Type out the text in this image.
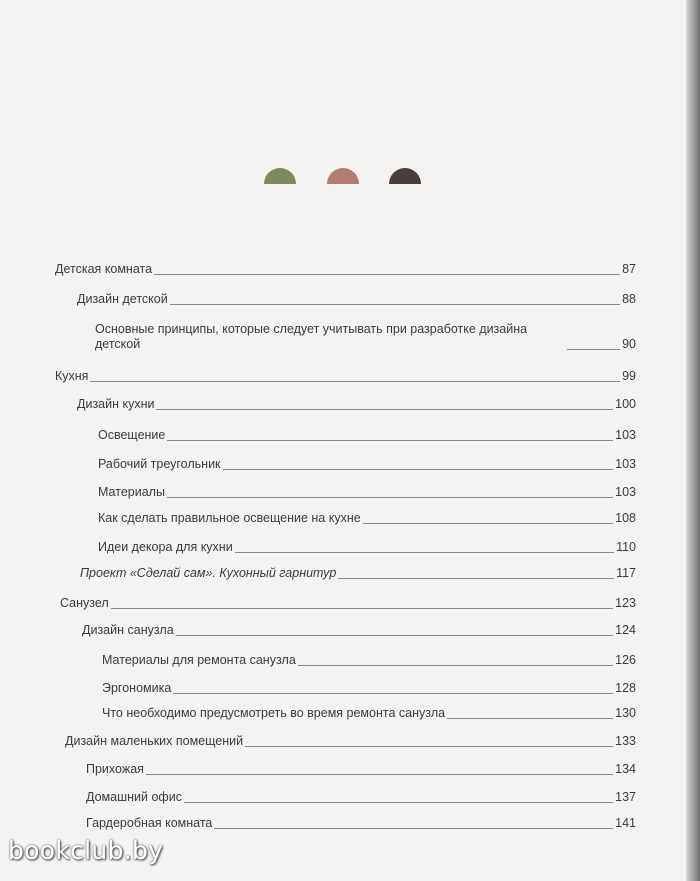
Детская комната	87
Дизайн детской	88
Основные принципы, которые следует учитывать при разработке дизайна детской	90
Кухня	99
Дизайн кухни	100
Освещение	103
Рабочий треугольник	103
Материалы	103
Как сделать правильное освещение на кухне	108
Идеи декора для кухни	110
Проект «Сделай сам». Кухонный гарнитур	117
Санузел	123
Дизайн санузла	124
Материалы для ремонта санузла	126
Эргономика	128
Что необходимо предусмотреть во время ремонта санузла	130
Дизайн маленьких помещений	133
Прихожая	134
Домашний офис	137
Гардеробная комната	141
bookclub.by
